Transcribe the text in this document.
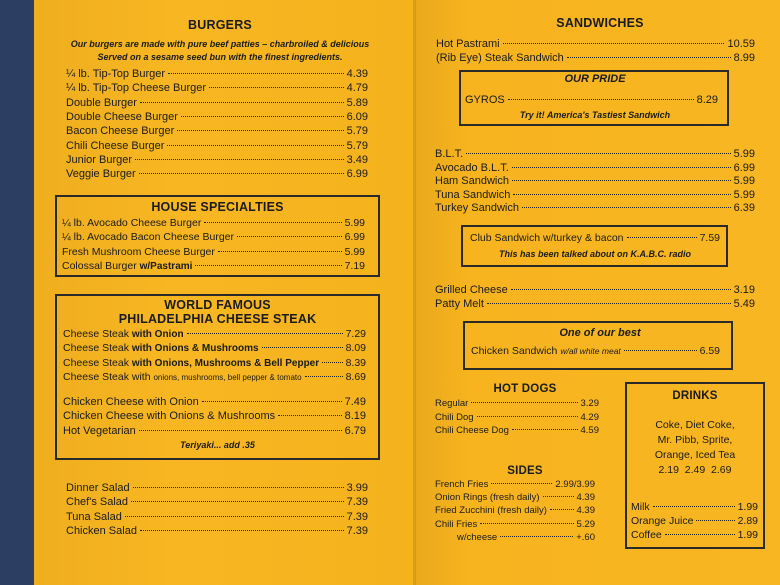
BURGERS
Our burgers are made with pure beef patties – charbroiled & delicious
Served on a sesame seed bun with the finest ingredients.
¼ lb. Tip-Top Burger	4.39
¼ lb. Tip-Top Cheese Burger	4.79
Double Burger	5.89
Double Cheese Burger	6.09
Bacon Cheese Burger	5.79
Chili Cheese Burger	5.79
Junior Burger	3.49
Veggie Burger	6.99
HOUSE SPECIALTIES
¼ lb. Avocado Cheese Burger	5.99
¼ lb. Avocado Bacon Cheese Burger	6.99
Fresh Mushroom Cheese Burger	5.99
Colossal Burger w/Pastrami	7.19
WORLD FAMOUS
PHILADELPHIA CHEESE STEAK
Cheese Steak with Onion	7.29
Cheese Steak with Onions & Mushrooms	8.09
Cheese Steak with Onions, Mushrooms & Bell Pepper	8.39
Cheese Steak with onions, mushrooms, bell pepper & tomato	8.69
Chicken Cheese with Onion	7.49
Chicken Cheese with Onions & Mushrooms	8.19
Hot Vegetarian	6.79
Teriyaki... add .35
Dinner Salad	3.99
Chef's Salad	7.39
Tuna Salad	7.39
Chicken Salad	7.39
SANDWICHES
Hot Pastrami	10.59
(Rib Eye) Steak Sandwich	8.99
OUR PRIDE
GYROS	8.29
Try it! America's Tastiest Sandwich
B.L.T.	5.99
Avocado B.L.T.	6.99
Ham Sandwich	5.99
Tuna Sandwich	5.99
Turkey Sandwich	6.39
Club Sandwich w/turkey & bacon	7.59
This has been talked about on K.A.B.C. radio
Grilled Cheese	3.19
Patty Melt	5.49
One of our best
Chicken Sandwich w/all white meat	6.59
HOT DOGS
Regular	3.29
Chili Dog	4.29
Chili Cheese Dog	4.59
SIDES
French Fries	2.99/3.99
Onion Rings (fresh daily)	4.39
Fried Zucchini (fresh daily)	4.39
Chili Fries	5.29
w/cheese	+.60
DRINKS
Coke, Diet Coke,
Mr. Pibb, Sprite,
Orange, Iced Tea
2.19  2.49  2.69
Milk	1.99
Orange Juice	2.89
Coffee	1.99
